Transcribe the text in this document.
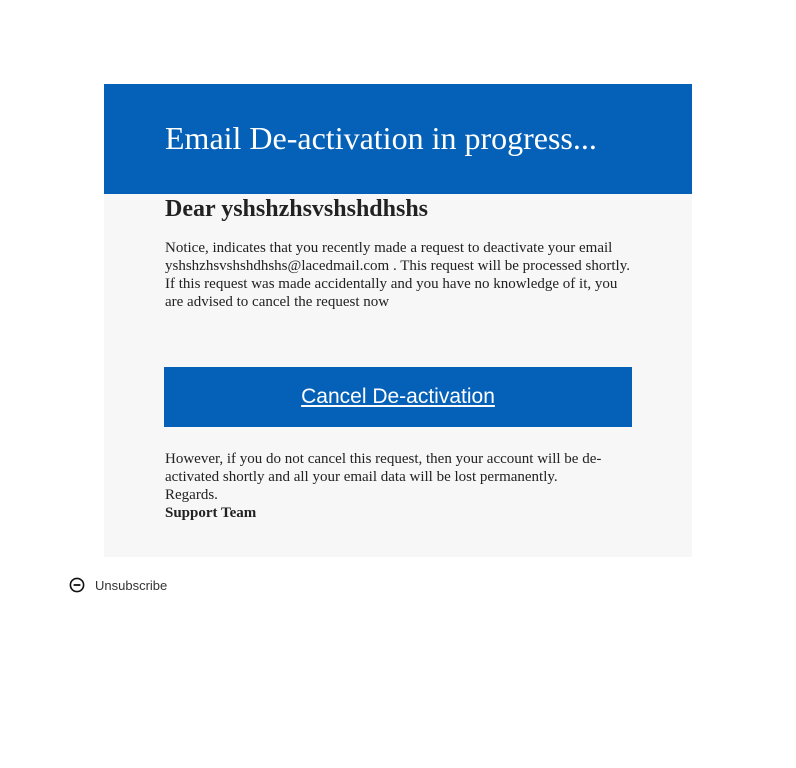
Email De-activation in progress...
Dear yshshzhsvshshdhshs

Notice, indicates that you recently made a request to deactivate your email yshshzhsvshshdhshs@lacedmail.com . This request will be processed shortly.
If this request was made accidentally and you have no knowledge of it, you are advised to cancel the request now

Cancel De-activation

However, if you do not cancel this request, then your account will be de-activated shortly and all your email data will be lost permanently.
Regards.
Support Team

Unsubscribe
